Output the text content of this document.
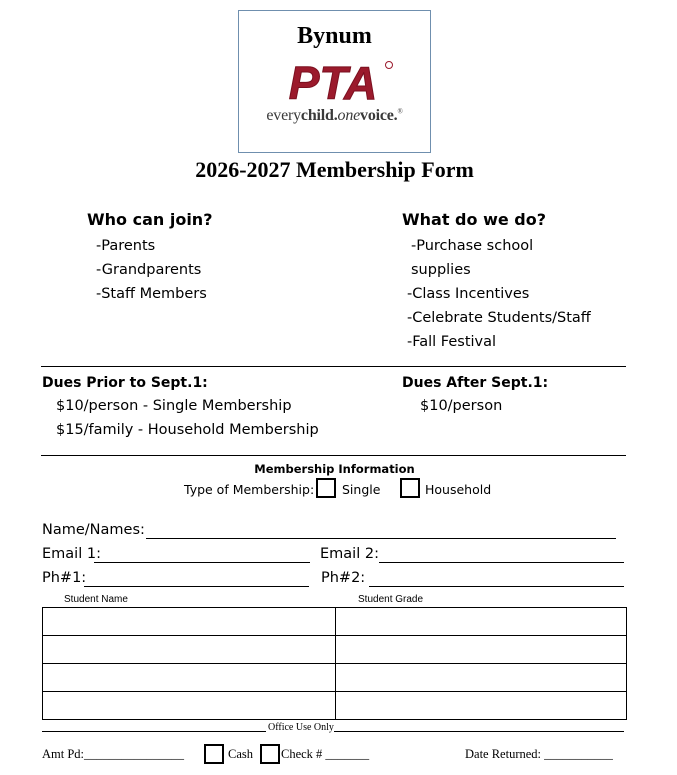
Bynum
PTA
everychild.onevoice.®
2026-2027 Membership Form
Who can join?
-Parents
-Grandparents
-Staff Members
What do we do?
-Purchase school
supplies
-Class Incentives
-Celebrate Students/Staff
-Fall Festival
Dues Prior to Sept.1:
$10/person - Single Membership
$15/family - Household Membership
Dues After Sept.1:
$10/person
Membership Information
Type of Membership: Single	Household
Name/Names:
Email 1:	Email 2:
Ph#1:	Ph#2:
Student Name	Student Grade

Office Use Only
Amt Pd:________________	Cash Check # _______	Date Returned: ___________
